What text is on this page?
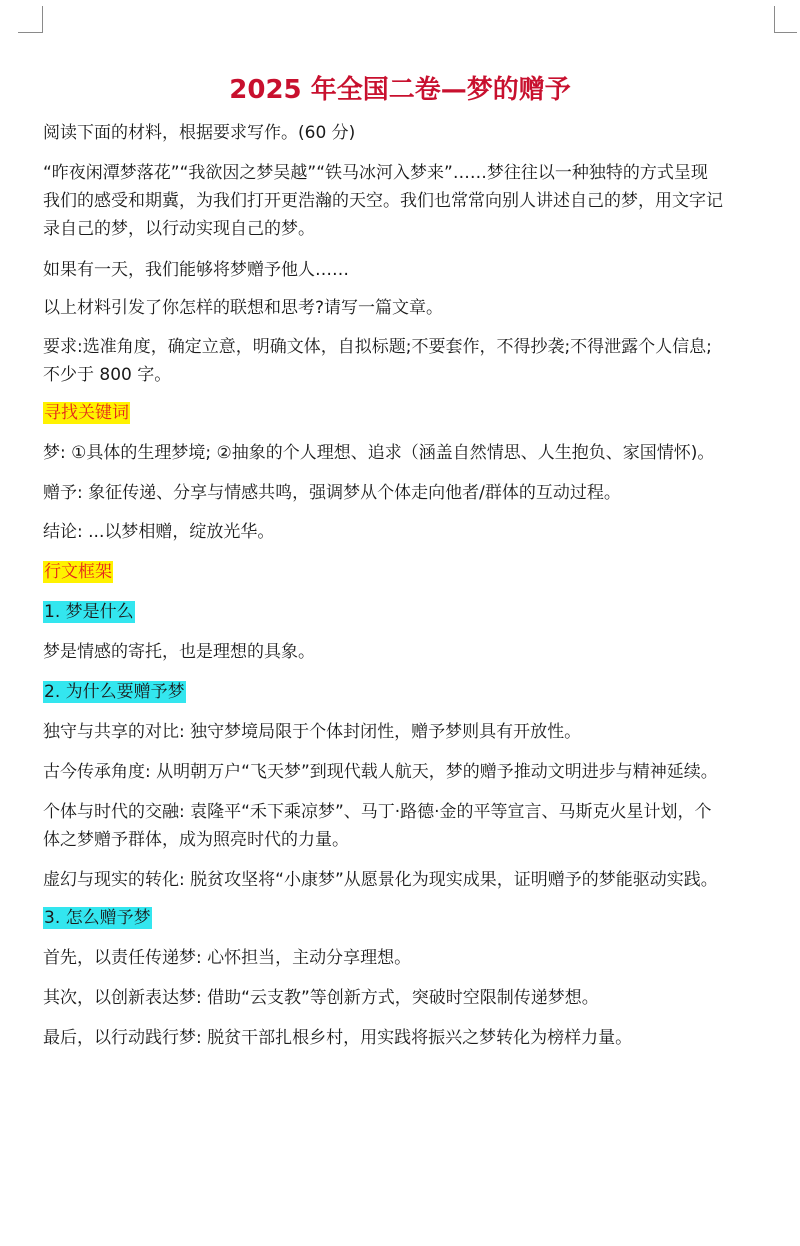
2025 年全国二卷—梦的赠予
阅读下面的材料，根据要求写作。(60 分)
“昨夜闲潭梦落花”“我欲因之梦吴越”“铁马冰河入梦来”……梦往往以一种独特的方式呈现
我们的感受和期冀，为我们打开更浩瀚的天空。我们也常常向别人讲述自己的梦，用文字记
录自己的梦，以行动实现自己的梦。
如果有一天，我们能够将梦赠予他人……
以上材料引发了你怎样的联想和思考?请写一篇文章。
要求:选准角度，确定立意，明确文体，自拟标题;不要套作，不得抄袭;不得泄露个人信息;
不少于 800 字。
寻找关键词
梦: ①具体的生理梦境; ②抽象的个人理想、追求（涵盖自然情思、人生抱负、家国情怀)。
赠予: 象征传递、分享与情感共鸣，强调梦从个体走向他者/群体的互动过程。
结论: ...以梦相赠，绽放光华。
行文框架
1. 梦是什么
梦是情感的寄托，也是理想的具象。
2. 为什么要赠予梦
独守与共享的对比: 独守梦境局限于个体封闭性，赠予梦则具有开放性。
古今传承角度: 从明朝万户“飞天梦”到现代载人航天，梦的赠予推动文明进步与精神延续。
个体与时代的交融: 袁隆平“禾下乘凉梦”、马丁·路德·金的平等宣言、马斯克火星计划，个
体之梦赠予群体，成为照亮时代的力量。
虚幻与现实的转化: 脱贫攻坚将“小康梦”从愿景化为现实成果，证明赠予的梦能驱动实践。
3. 怎么赠予梦
首先，以责任传递梦: 心怀担当，主动分享理想。
其次，以创新表达梦: 借助“云支教”等创新方式，突破时空限制传递梦想。
最后，以行动践行梦: 脱贫干部扎根乡村，用实践将振兴之梦转化为榜样力量。
